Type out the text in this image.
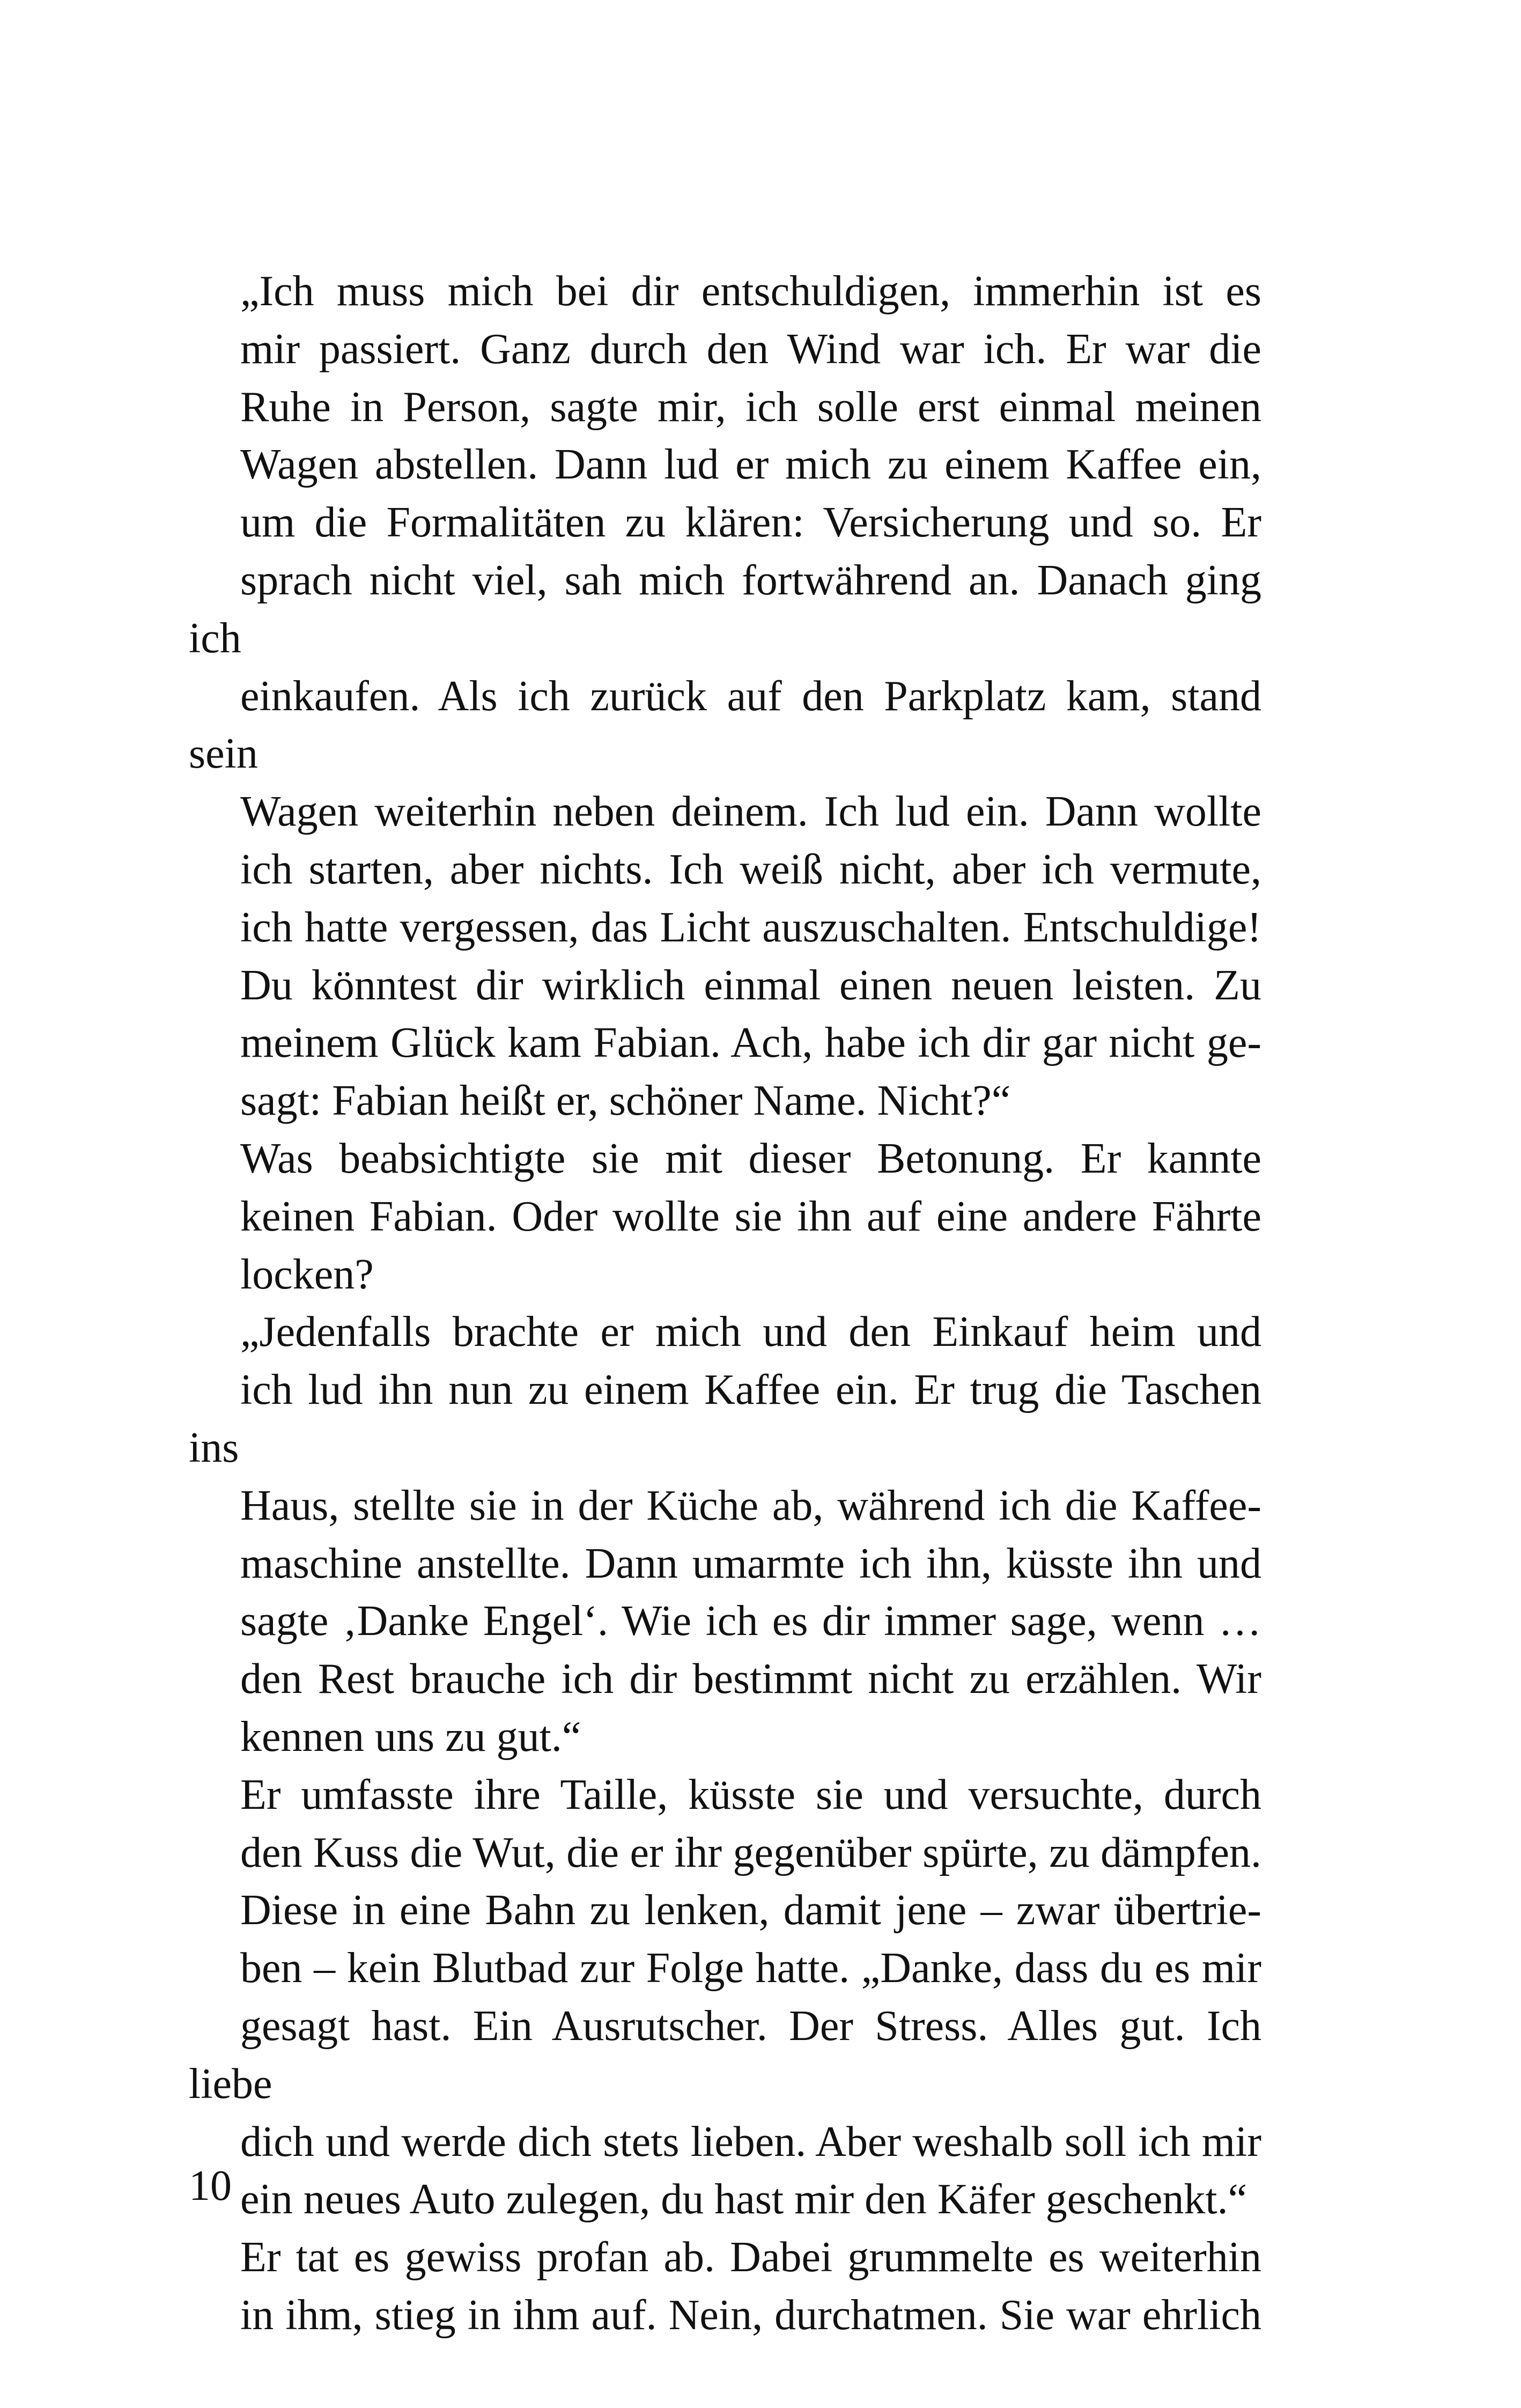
„Ich muss mich bei dir entschuldigen, immerhin ist es
mir passiert. Ganz durch den Wind war ich. Er war die
Ruhe in Person, sagte mir, ich solle erst einmal meinen
Wagen abstellen. Dann lud er mich zu einem Kaffee ein,
um die Formalitäten zu klären: Versicherung und so. Er
sprach nicht viel, sah mich fortwährend an. Danach ging ich
einkaufen. Als ich zurück auf den Parkplatz kam, stand sein
Wagen weiterhin neben deinem. Ich lud ein. Dann wollte
ich starten, aber nichts. Ich weiß nicht, aber ich vermute,
ich hatte vergessen, das Licht auszuschalten. Entschuldige!
Du könntest dir wirklich einmal einen neuen leisten. Zu
meinem Glück kam Fabian. Ach, habe ich dir gar nicht ge-
sagt: Fabian heißt er, schöner Name. Nicht?“

Was beabsichtigte sie mit dieser Betonung. Er kannte
keinen Fabian. Oder wollte sie ihn auf eine andere Fährte
locken?

„Jedenfalls brachte er mich und den Einkauf heim und
ich lud ihn nun zu einem Kaffee ein. Er trug die Taschen ins
Haus, stellte sie in der Küche ab, während ich die Kaffee-
maschine anstellte. Dann umarmte ich ihn, küsste ihn und
sagte ‚Danke Engel‘. Wie ich es dir immer sage, wenn …
den Rest brauche ich dir bestimmt nicht zu erzählen. Wir
kennen uns zu gut.“

Er umfasste ihre Taille, küsste sie und versuchte, durch
den Kuss die Wut, die er ihr gegenüber spürte, zu dämpfen.
Diese in eine Bahn zu lenken, damit jene – zwar übertrie-
ben – kein Blutbad zur Folge hatte. „Danke, dass du es mir
gesagt hast. Ein Ausrutscher. Der Stress. Alles gut. Ich liebe
dich und werde dich stets lieben. Aber weshalb soll ich mir
ein neues Auto zulegen, du hast mir den Käfer geschenkt.“

Er tat es gewiss profan ab. Dabei grummelte es weiterhin
in ihm, stieg in ihm auf. Nein, durchatmen. Sie war ehrlich

10
